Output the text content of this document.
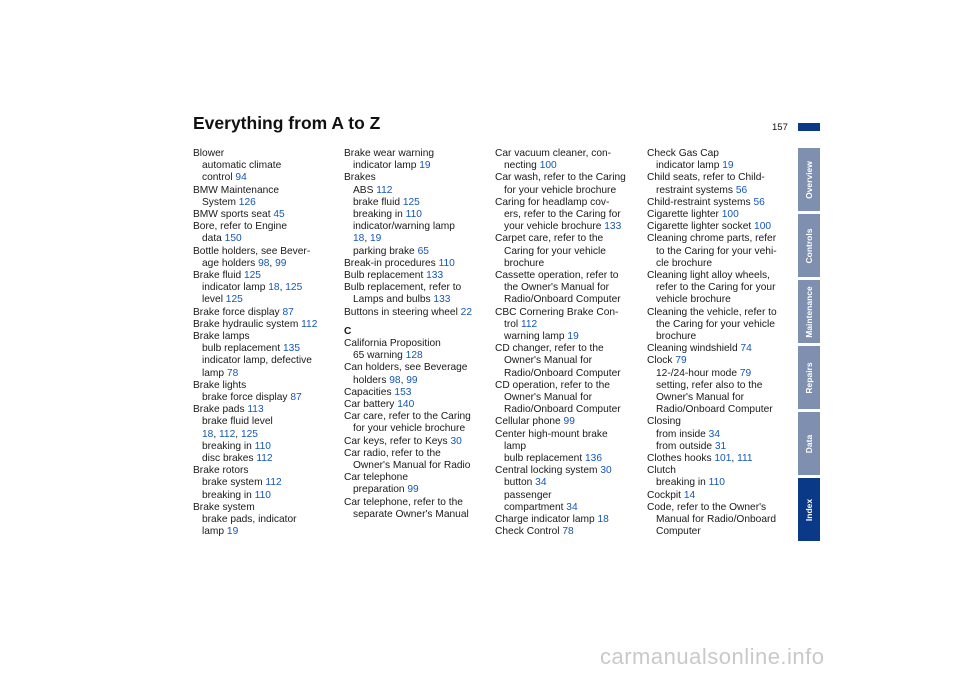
Everything from A to Z	157
Overview
Controls
Maintenance
Repairs
Data
Index
Blower
automatic climate
control 94
BMW Maintenance
System 126
BMW sports seat 45
Bore, refer to Engine
data 150
Bottle holders, see Bever-
age holders 98, 99
Brake fluid 125
indicator lamp 18, 125
level 125
Brake force display 87
Brake hydraulic system 112
Brake lamps
bulb replacement 135
indicator lamp, defective
lamp 78
Brake lights
brake force display 87
Brake pads 113
brake fluid level
18, 112, 125
breaking in 110
disc brakes 112
Brake rotors
brake system 112
breaking in 110
Brake system
brake pads, indicator
lamp 19
Brake wear warning
indicator lamp 19
Brakes
ABS 112
brake fluid 125
breaking in 110
indicator/warning lamp
18, 19
parking brake 65
Break-in procedures 110
Bulb replacement 133
Bulb replacement, refer to
Lamps and bulbs 133
Buttons in steering wheel 22
C
California Proposition
65 warning 128
Can holders, see Beverage
holders 98, 99
Capacities 153
Car battery 140
Car care, refer to the Caring
for your vehicle brochure
Car keys, refer to Keys 30
Car radio, refer to the
Owner's Manual for Radio
Car telephone
preparation 99
Car telephone, refer to the
separate Owner's Manual
Car vacuum cleaner, con-
necting 100
Car wash, refer to the Caring
for your vehicle brochure
Caring for headlamp cov-
ers, refer to the Caring for
your vehicle brochure 133
Carpet care, refer to the
Caring for your vehicle
brochure
Cassette operation, refer to
the Owner's Manual for
Radio/Onboard Computer
CBC Cornering Brake Con-
trol 112
warning lamp 19
CD changer, refer to the
Owner's Manual for
Radio/Onboard Computer
CD operation, refer to the
Owner's Manual for
Radio/Onboard Computer
Cellular phone 99
Center high-mount brake
lamp
bulb replacement 136
Central locking system 30
button 34
passenger
compartment 34
Charge indicator lamp 18
Check Control 78
Check Gas Cap
indicator lamp 19
Child seats, refer to Child-
restraint systems 56
Child-restraint systems 56
Cigarette lighter 100
Cigarette lighter socket 100
Cleaning chrome parts, refer
to the Caring for your vehi-
cle brochure
Cleaning light alloy wheels,
refer to the Caring for your
vehicle brochure
Cleaning the vehicle, refer to
the Caring for your vehicle
brochure
Cleaning windshield 74
Clock 79
12-/24-hour mode 79
setting, refer also to the
Owner's Manual for
Radio/Onboard Computer
Closing
from inside 34
from outside 31
Clothes hooks 101, 111
Clutch
breaking in 110
Cockpit 14
Code, refer to the Owner's
Manual for Radio/Onboard
Computer
carmanualsonline.info
